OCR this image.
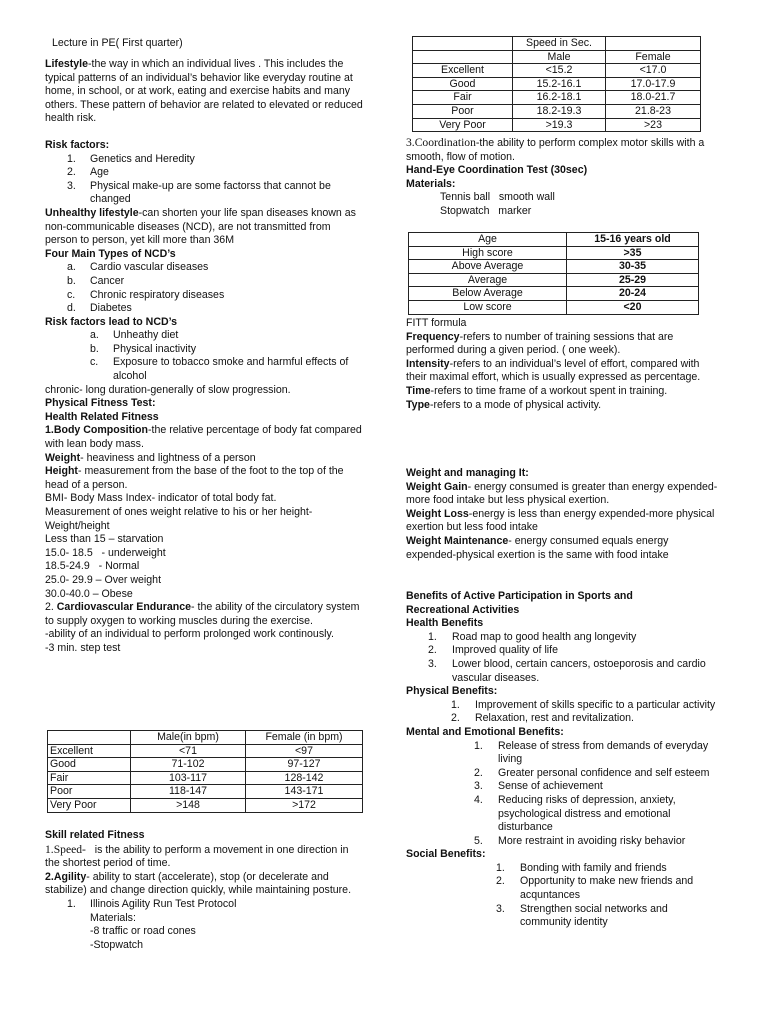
Lecture in PE( First quarter)

Lifestyle-the way in which an individual lives . This includes the typical patterns of an individual’s behavior like everyday routine at home, in school, or at work, eating and exercise habits and many others. These pattern of behavior are related to elevated or reduced health risk.

Risk factors:

1.	Genetics and Heredity
2.	Age
3.	Physical make-up are some factorss that cannot be changed

Unhealthy lifestyle-can shorten your life span diseases known as

non-communicable diseases (NCD), are not transmitted from person to person, yet kill more than 36M

Four Main Types of NCD’s

a.	Cardio vascular diseases
b.	Cancer
c.	Chronic respiratory diseases
d.	Diabetes

Risk factors lead to NCD’s

a.	Unheathy diet
b.	Physical inactivity
c.	Exposure to tobacco smoke and harmful effects of alcohol

chronic- long duration-generally of slow progression.

Physical Fitness Test:

Health Related Fitness

1.Body Composition-the relative percentage of body fat compared with lean body mass.

Weight- heaviness and lightness of a person

Height- measurement from the base of the foot to the top of the head of a person.

BMI- Body Mass Index- indicator of total body fat.

Measurement of ones weight relative to his or her height-

Weight/height

Less than 15 – starvation

15.0- 18.5   - underweight

18.5-24.9   - Normal

25.0- 29.9 – Over weight

30.0-40.0 – Obese

2. Cardiovascular Endurance- the ability of the circulatory system to supply oxygen to working muscles during the exercise.

-ability of an individual to perform prolonged work continously.

-3 min. step test

	Male(in bpm)	Female (in bpm)
Excellent	<71	<97
Good	71-102	97-127
Fair	103-117	128-142
Poor	118-147	143-171
Very Poor	>148	>172

Skill related Fitness

1.Speed-   is the ability to perform a movement in one direction in the shortest period of time.

2.Agility- ability to start (accelerate), stop (or decelerate and stabilize) and change direction quickly, while maintaining posture.

1.	Illinois Agility Run Test Protocol

Materials:

-8 traffic or road cones

-Stopwatch

	Speed in Sec.	
	Male	Female
Excellent	<15.2	<17.0
Good	15.2-16.1	17.0-17.9
Fair	16.2-18.1	18.0-21.7
Poor	18.2-19.3	21.8-23
Very Poor	>19.3	>23

3.Coordination-the ability to perform complex motor skills with a smooth, flow of motion.

Hand-Eye Coordination Test (30sec)

Materials:

Tennis ball   smooth wall

Stopwatch   marker

Age	15-16 years old
High score	>35
Above Average	30-35
Average	25-29
Below Average	20-24
Low score	<20

FITT formula

Frequency-refers to number of training sessions that are performed during a given period. ( one week).

Intensity-refers to an individual’s level of effort, compared with their maximal effort, which is usually expressed as percentage.

Time-refers to time frame of a workout spent in training.

Type-refers to a mode of physical activity.

Weight and managing It:

Weight Gain- energy consumed is greater than energy expended-more food intake but less physical exertion.

Weight Loss-energy is less than energy expended-more physical exertion but less food intake

Weight Maintenance- energy consumed equals energy expended-physical exertion is the same with food intake

Benefits of Active Participation in Sports and Recreational Activities

Health Benefits

1.	Road map to good health ang longevity
2.	Improved quality of life
3.	Lower blood, certain cancers, ostoeporosis and cardio vascular diseases.

Physical Benefits:

1.	Improvement of skills specific to a particular activity
2.	Relaxation, rest and revitalization.

Mental and Emotional Benefits:

1.	Release of stress from demands of everyday living
2.	Greater personal confidence and self esteem
3.	Sense of achievement
4.	Reducing risks of depression, anxiety, psychological distress and emotional disturbance
5.	More restraint in avoiding risky behavior

Social Benefits:

1.	Bonding with family and friends
2.	Opportunity to make new friends and acquntances
3.	Strengthen social networks and community identity
